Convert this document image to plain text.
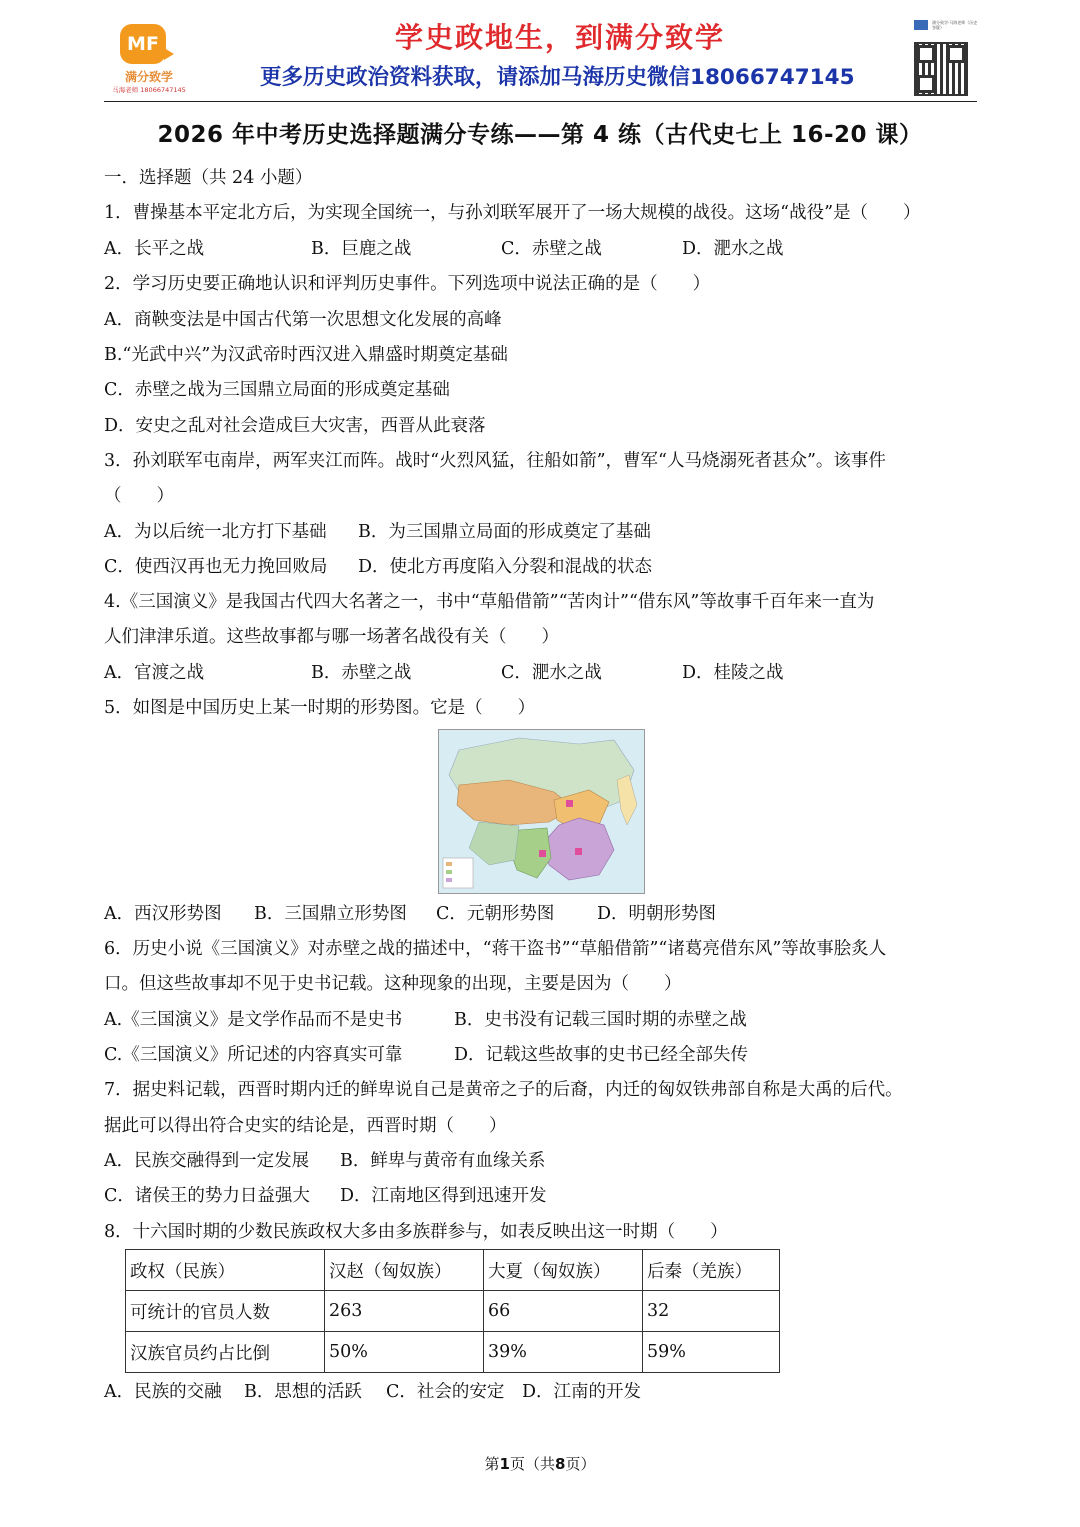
MF
满分致学
马海老师 18066747145
学史政地生，到满分致学
更多历史政治资料获取，请添加马海历史微信18066747145
满分致学·马海老师（历史答疑）
2026 年中考历史选择题满分专练——第 4 练（古代史七上 16-20 课）
一．选择题（共 24 小题）
1．曹操基本平定北方后，为实现全国统一，与孙刘联军展开了一场大规模的战役。这场“战役”是（　　）
A．长平之战	B．巨鹿之战	C．赤壁之战	D．淝水之战
2．学习历史要正确地认识和评判历史事件。下列选项中说法正确的是（　　）
A．商鞅变法是中国古代第一次思想文化发展的高峰
B.“光武中兴”为汉武帝时西汉进入鼎盛时期奠定基础
C．赤壁之战为三国鼎立局面的形成奠定基础
D．安史之乱对社会造成巨大灾害，西晋从此衰落
3．孙刘联军屯南岸，两军夹江而阵。战时“火烈风猛，往船如箭”，曹军“人马烧溺死者甚众”。该事件
（　　）
A．为以后统一北方打下基础 B．为三国鼎立局面的形成奠定了基础
C．使西汉再也无力挽回败局 D．使北方再度陷入分裂和混战的状态
4.《三国演义》是我国古代四大名著之一，书中“草船借箭”“苦肉计”“借东风”等故事千百年来一直为
人们津津乐道。这些故事都与哪一场著名战役有关（　　）
A．官渡之战	B．赤壁之战	C．淝水之战	D．桂陵之战
5．如图是中国历史上某一时期的形势图。它是（　　）
A．西汉形势图 B．三国鼎立形势图 C．元朝形势图 D．明朝形势图
6．历史小说《三国演义》对赤壁之战的描述中，“蒋干盗书”“草船借箭”“诸葛亮借东风”等故事脍炙人
口。但这些故事却不见于史书记载。这种现象的出现，主要是因为（　　）
A.《三国演义》是文学作品而不是史书	B．史书没有记载三国时期的赤壁之战
C.《三国演义》所记述的内容真实可靠	D．记载这些故事的史书已经全部失传
7．据史料记载，西晋时期内迁的鲜卑说自己是黄帝之子的后裔，内迁的匈奴铁弗部自称是大禹的后代。
据此可以得出符合史实的结论是，西晋时期（　　）
A．民族交融得到一定发展 B．鲜卑与黄帝有血缘关系
C．诸侯王的势力日益强大 D．江南地区得到迅速开发
8．十六国时期的少数民族政权大多由多族群参与，如表反映出这一时期（　　）
政权（民族）	汉赵（匈奴族）	大夏（匈奴族）	后秦（羌族）
可统计的官员人数	263	66	32
汉族官员约占比倒	50%	39%	59%
A．民族的交融 B．思想的活跃 C．社会的安定 D．江南的开发
第1页（共8页）
